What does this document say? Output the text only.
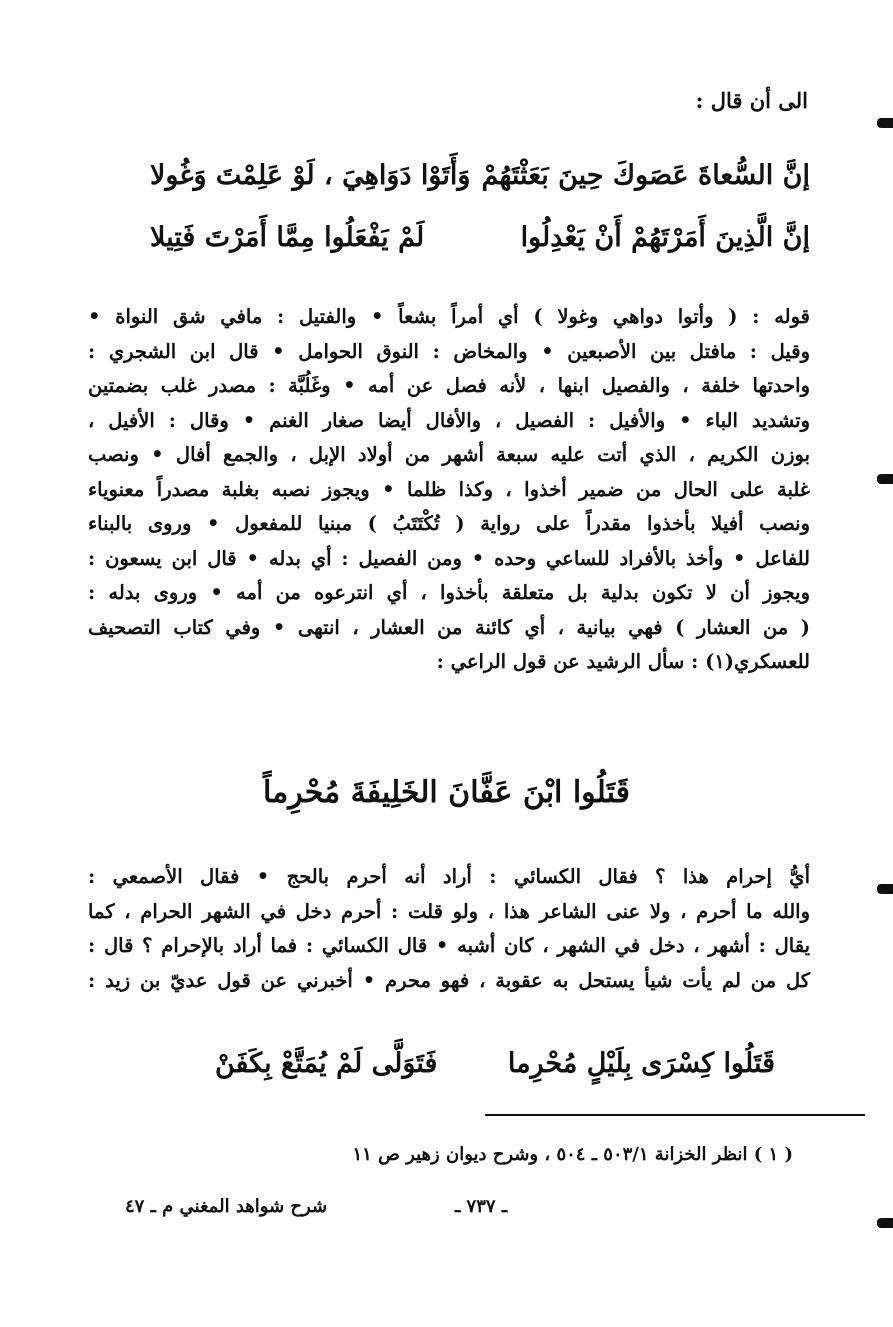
الى أن قال :
إنَّ السُّعاةَ عَصَوكَ حِينَ بَعَثْتَهُمْ
وَأَتَوْا دَوَاهِيَ ، لَوْ عَلِمْتَ وَغُولا
إنَّ الَّذِينَ أَمَرْتَهُمْ أَنْ يَعْدِلُوا
لَمْ يَفْعَلُوا مِمَّا أَمَرْتَ فَتِيلا
قوله : ( وأتوا دواهي وغولا ) أي أمراً بشعاً • والفتيل : مافي شق النواة •
وقيل : مافتل بين الأصبعين • والمخاض : النوق الحوامل • قال ابن الشجري :
واحدتها خلفة ، والفصيل ابنها ، لأنه فصل عن أمه • وغَلُبَّة : مصدر غلب بضمتين
وتشديد الباء • والأفيل : الفصيل ، والأفال أيضا صغار الغنم • وقال : الأفيل ،
بوزن الكريم ، الذي أتت عليه سبعة أشهر من أولاد الإبل ، والجمع أفال • ونصب
غلبة على الحال من ضمير أخذوا ، وكذا ظلما • ويجوز نصبه بغلبة مصدراً معنوياء
ونصب أفيلا بأخذوا مقدراً على رواية ( تُكْتَتَبُ ) مبنيا للمفعول • وروى بالبناء
للفاعل • وأخذ بالأفراد للساعي وحده • ومن الفصيل : أي بدله • قال ابن يسعون :
ويجوز أن لا تكون بدلية بل متعلقة بأخذوا ، أي انترعوه من أمه • وروى بدله :
( من العشار ) فهي بيانية ، أي كائنة من العشار ، انتهى • وفي كتاب التصحيف
للعسكري(١) : سأل الرشيد عن قول الراعي :
قَتَلُوا ابْنَ عَفَّانَ الخَلِيفَةَ مُحْرِماً
أيُّ إحرام هذا ؟ فقال الكسائي : أراد أنه أحرم بالحج • فقال الأصمعي :
والله ما أحرم ، ولا عنى الشاعر هذا ، ولو قلت : أحرم دخل في الشهر الحرام ، كما
يقال : أشهر ، دخل في الشهر ، كان أشبه • قال الكسائي : فما أراد بالإحرام ؟ قال :
كل من لم يأت شيأ يستحل به عقوبة ، فهو محرم • أخبرني عن قول عديّ بن زيد :
قَتَلُوا كِسْرَى بِلَيْلٍ مُحْرِما
فَتَوَلَّى لَمْ يُمَتَّعْ بِكَفَنْ
( ١ ) انظر الخزانة ٥٠٣/١ ـ ٥٠٤ ، وشرح ديوان زهير ص ١١
ـ ٧٣٧ ـ
شرح شواهد المغني م ـ ٤٧
